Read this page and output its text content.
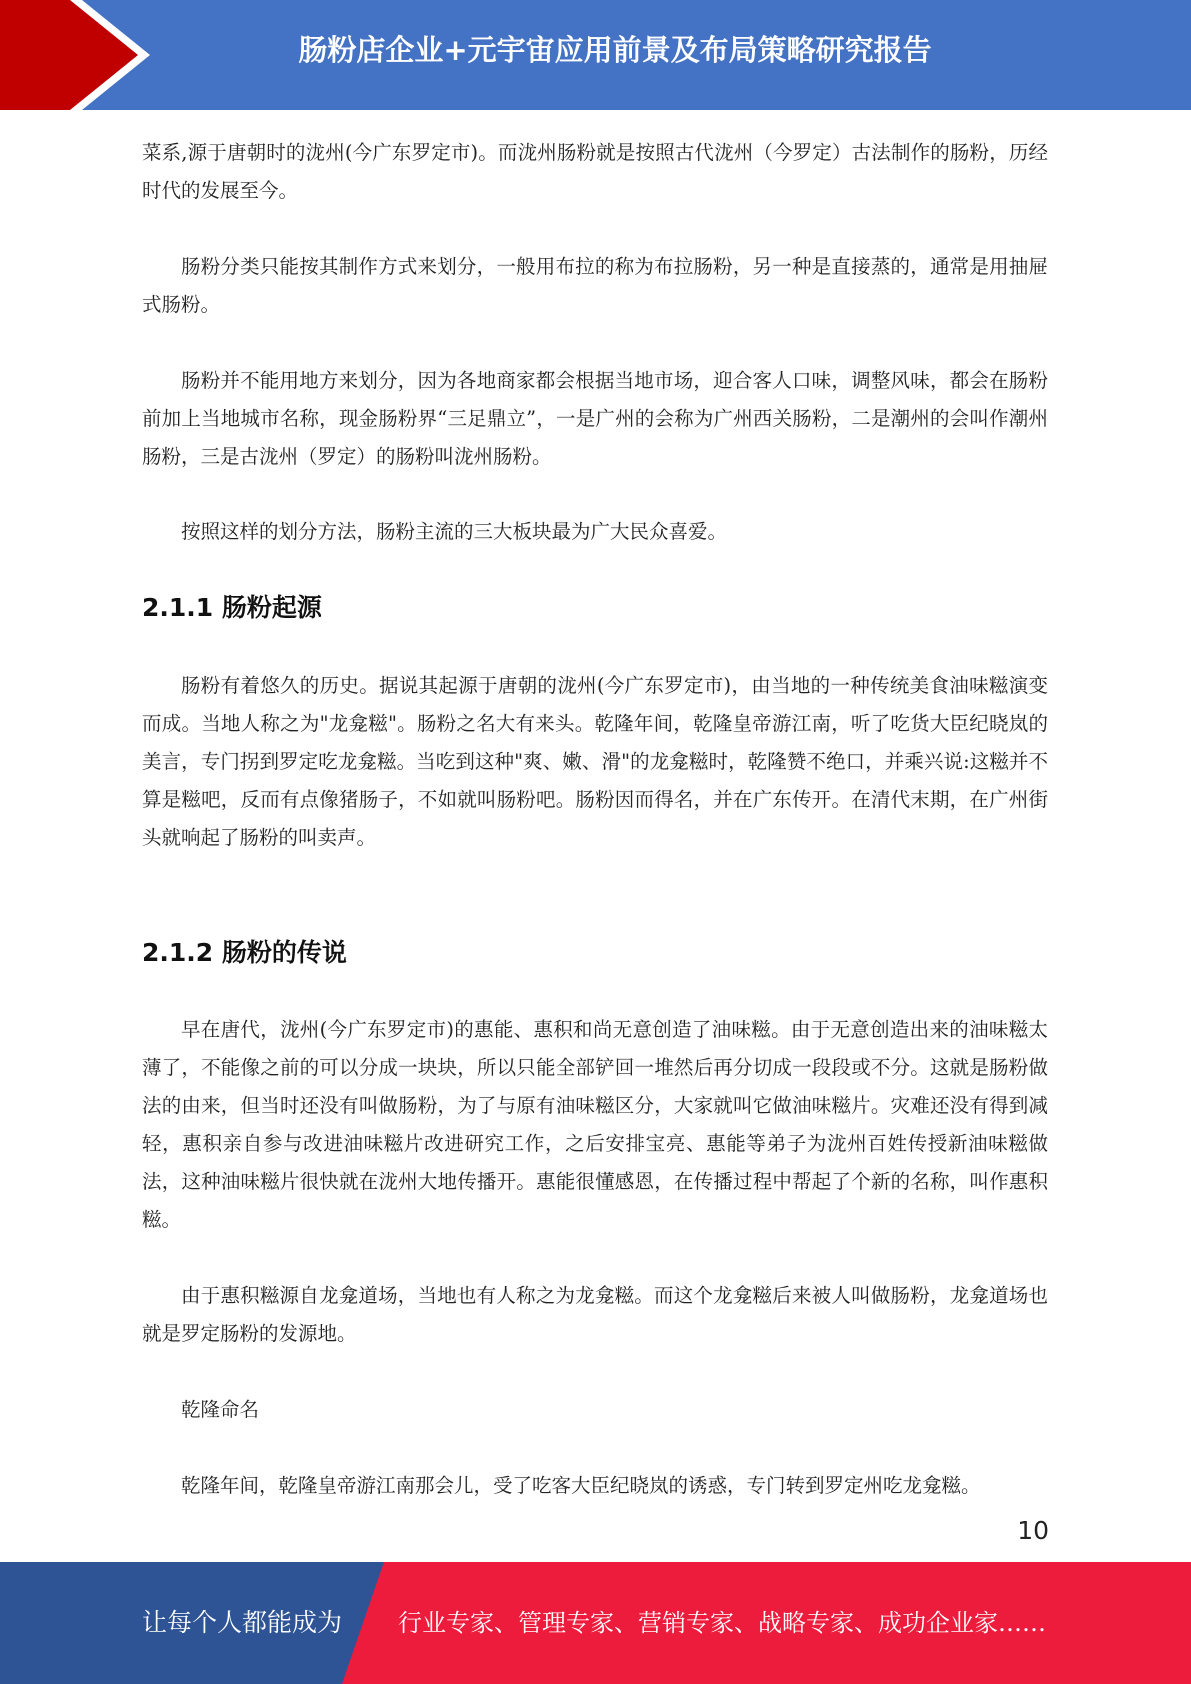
肠粉店企业+元宇宙应用前景及布局策略研究报告

菜系,源于唐朝时的泷州(今广东罗定市)。而泷州肠粉就是按照古代泷州（今罗定）古法制作的肠粉，历经时代的发展至今。

肠粉分类只能按其制作方式来划分，一般用布拉的称为布拉肠粉，另一种是直接蒸的，通常是用抽屉式肠粉。

肠粉并不能用地方来划分，因为各地商家都会根据当地市场，迎合客人口味，调整风味，都会在肠粉前加上当地城市名称，现金肠粉界“三足鼎立”，一是广州的会称为广州西关肠粉，二是潮州的会叫作潮州肠粉，三是古泷州（罗定）的肠粉叫泷州肠粉。

按照这样的划分方法，肠粉主流的三大板块最为广大民众喜爱。

2.1.1 肠粉起源

肠粉有着悠久的历史。据说其起源于唐朝的泷州(今广东罗定市)，由当地的一种传统美食油味糍演变而成。当地人称之为"龙龛糍"。肠粉之名大有来头。乾隆年间，乾隆皇帝游江南，听了吃货大臣纪晓岚的美言，专门拐到罗定吃龙龛糍。当吃到这种"爽、嫩、滑"的龙龛糍时，乾隆赞不绝口，并乘兴说:这糍并不算是糍吧，反而有点像猪肠子，不如就叫肠粉吧。肠粉因而得名，并在广东传开。在清代末期，在广州街头就响起了肠粉的叫卖声。

2.1.2 肠粉的传说

早在唐代，泷州(今广东罗定市)的惠能、惠积和尚无意创造了油味糍。由于无意创造出来的油味糍太薄了，不能像之前的可以分成一块块，所以只能全部铲回一堆然后再分切成一段段或不分。这就是肠粉做法的由来，但当时还没有叫做肠粉，为了与原有油味糍区分，大家就叫它做油味糍片。灾难还没有得到减轻，惠积亲自参与改进油味糍片改进研究工作，之后安排宝亮、惠能等弟子为泷州百姓传授新油味糍做法，这种油味糍片很快就在泷州大地传播开。惠能很懂感恩，在传播过程中帮起了个新的名称，叫作惠积糍。

由于惠积糍源自龙龛道场，当地也有人称之为龙龛糍。而这个龙龛糍后来被人叫做肠粉，龙龛道场也就是罗定肠粉的发源地。

乾隆命名

乾隆年间，乾隆皇帝游江南那会儿，受了吃客大臣纪晓岚的诱惑，专门转到罗定州吃龙龛糍。

10
让每个人都能成为 行业专家、管理专家、营销专家、战略专家、成功企业家……
